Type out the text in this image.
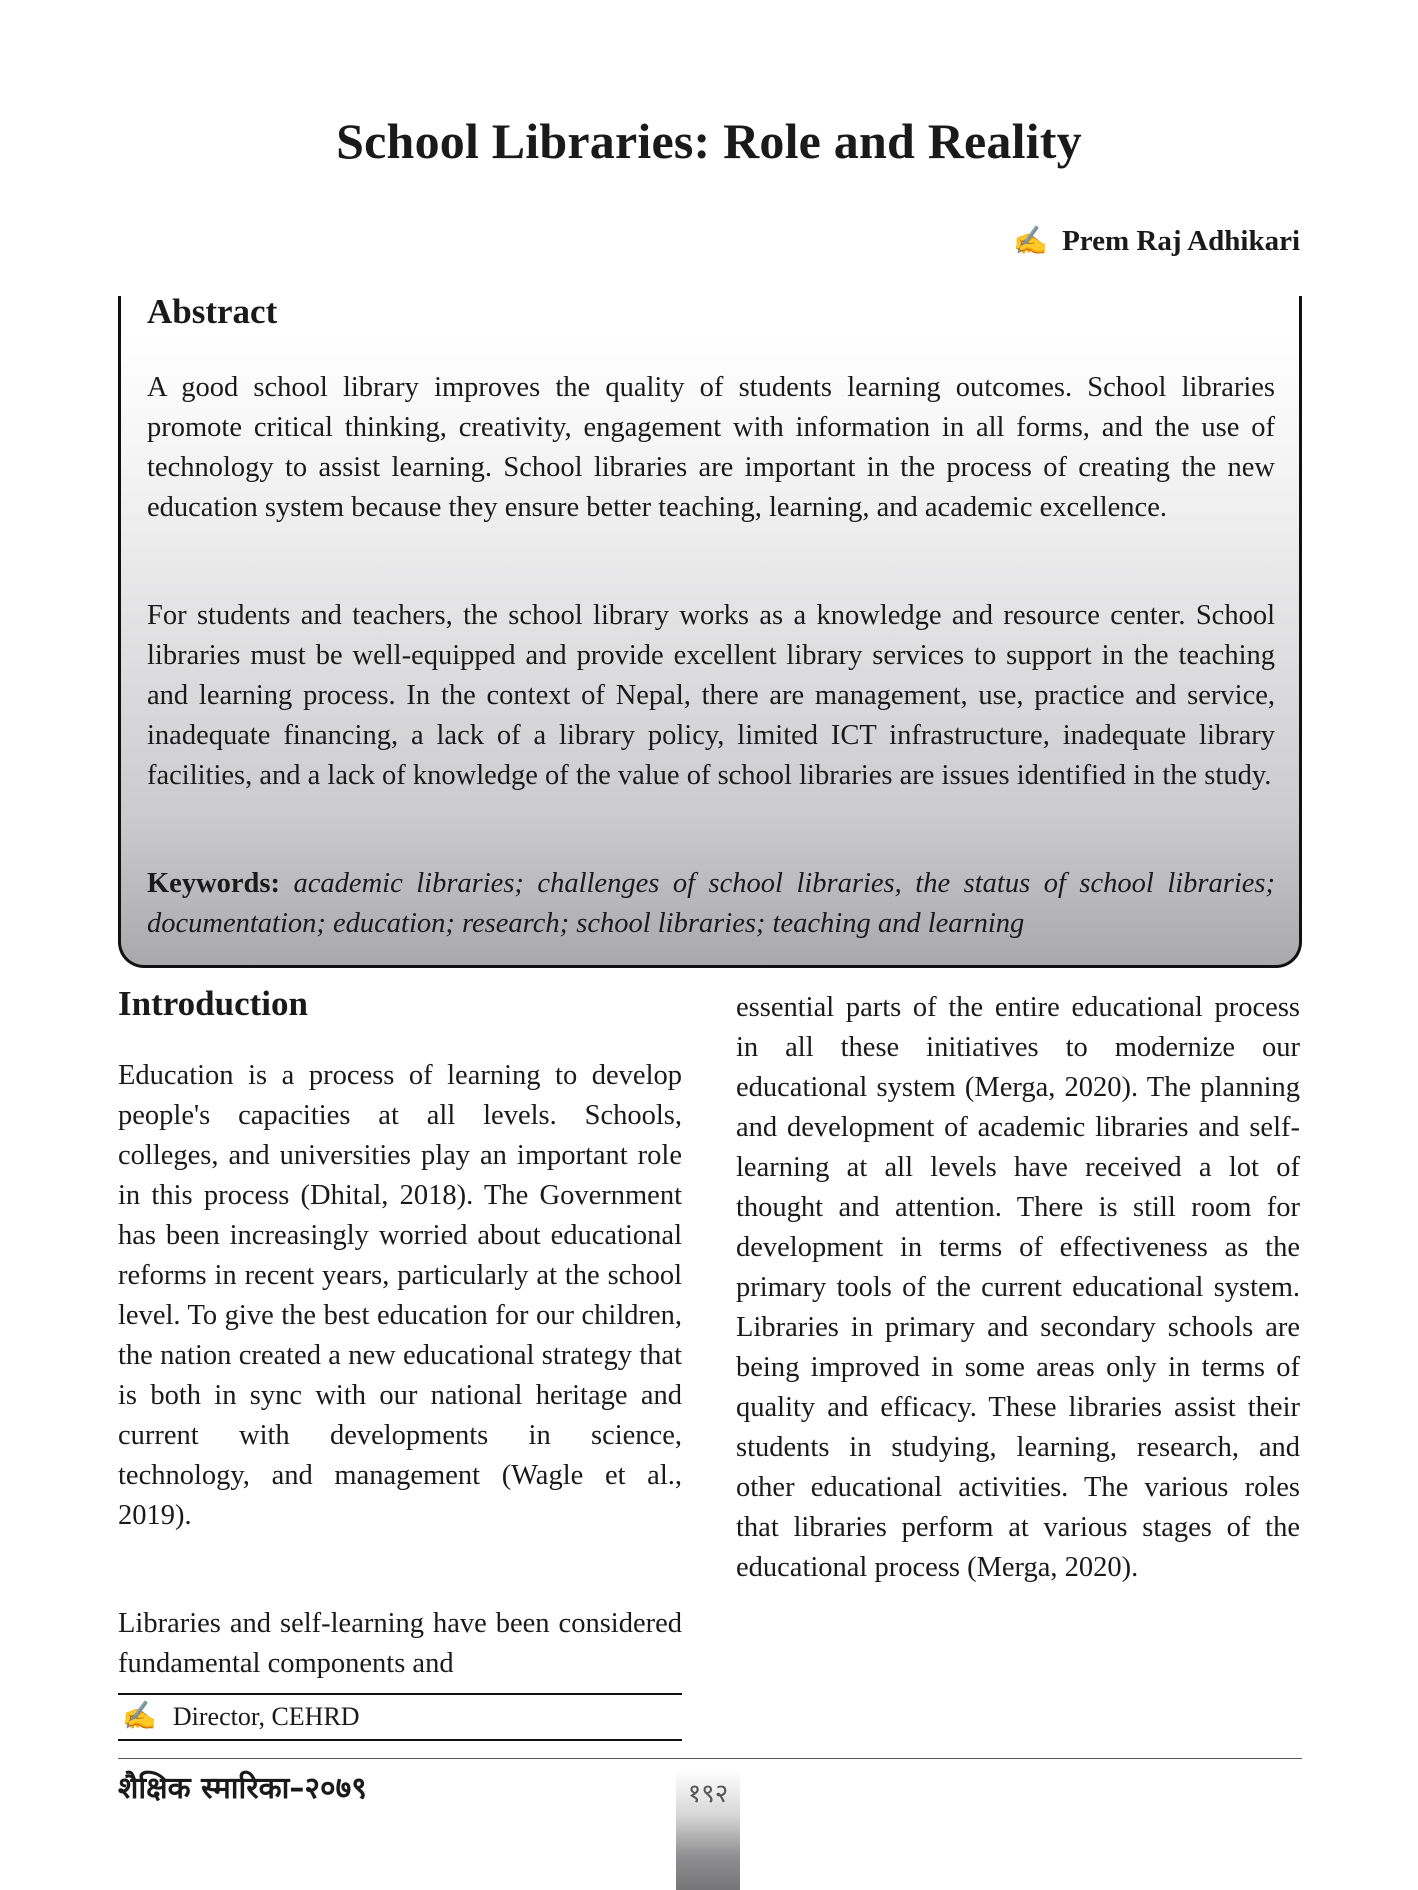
School Libraries: Role and Reality
✍ Prem Raj Adhikari
Abstract

A good school library improves the quality of students learning outcomes. School libraries promote critical thinking, creativity, engagement with information in all forms, and the use of technology to assist learning. School libraries are important in the process of creating the new education system because they ensure better teaching, learning, and academic excellence.

For students and teachers, the school library works as a knowledge and resource center. School libraries must be well-equipped and provide excellent library services to support in the teaching and learning process. In the context of Nepal, there are management, use, practice and service, inadequate financing, a lack of a library policy, limited ICT infrastructure, inadequate library facilities, and a lack of knowledge of the value of school libraries are issues identified in the study.

Keywords: academic libraries; challenges of school libraries, the status of school libraries; documentation; education; research; school libraries; teaching and learning

Introduction

Education is a process of learning to develop people's capacities at all levels. Schools, colleges, and universities play an important role in this process (Dhital, 2018). The Government has been increasingly worried about educational reforms in recent years, particularly at the school level. To give the best education for our children, the nation created a new educational strategy that is both in sync with our national heritage and current with developments in science, technology, and management (Wagle et al., 2019).

Libraries and self-learning have been considered fundamental components and

essential parts of the entire educational process in all these initiatives to modernize our educational system (Merga, 2020). The planning and development of academic libraries and self-learning at all levels have received a lot of thought and attention. There is still room for development in terms of effectiveness as the primary tools of the current educational system. Libraries in primary and secondary schools are being improved in some areas only in terms of quality and efficacy. These libraries assist their students in studying, learning, research, and other educational activities. The various roles that libraries perform at various stages of the educational process (Merga, 2020).

✍ Director, CEHRD
शैक्षिक स्मारिका–२०७९	१९२
